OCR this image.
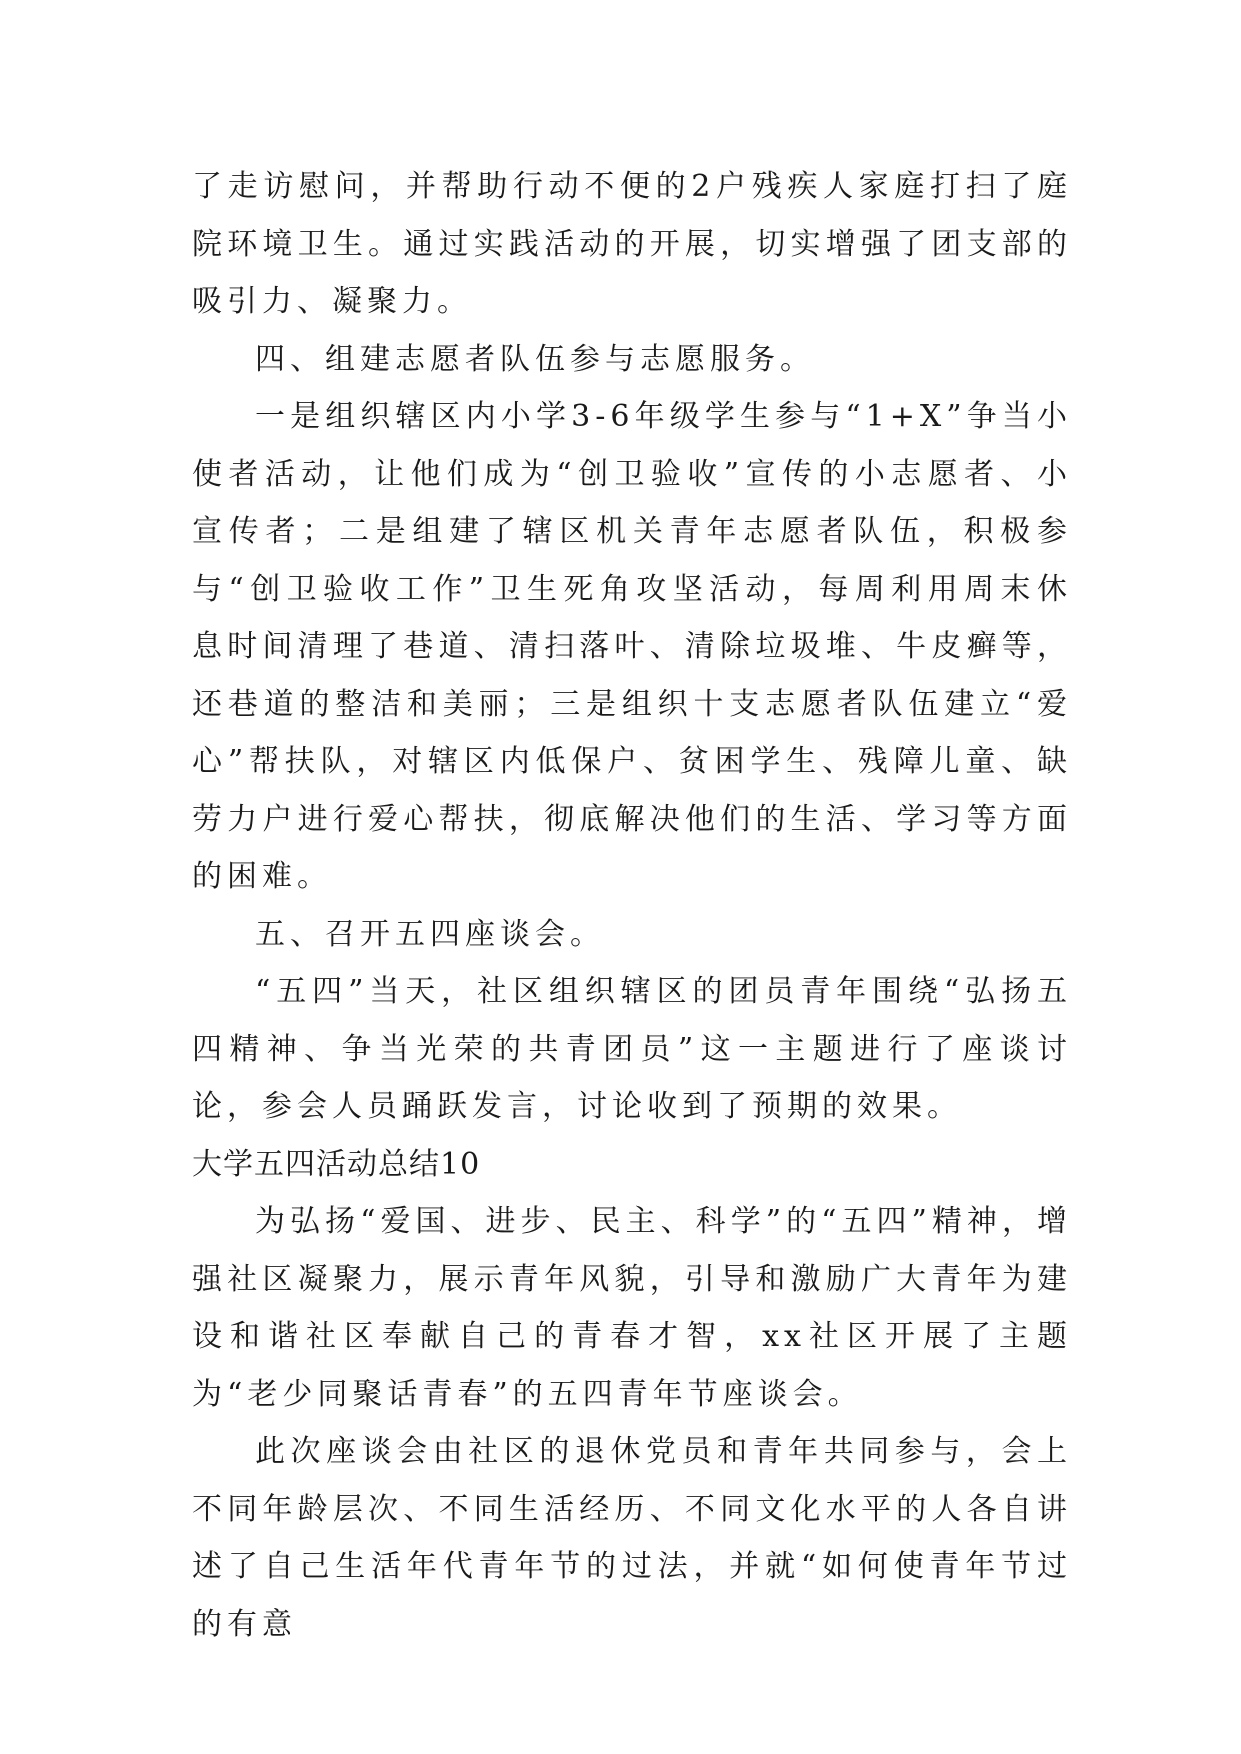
了走访慰问，并帮助行动不便的2户残疾人家庭打扫了庭院环境卫生。通过实践活动的开展，切实增强了团支部的吸引力、凝聚力。

四、组建志愿者队伍参与志愿服务。

一是组织辖区内小学3-6年级学生参与“1+X”争当小使者活动，让他们成为“创卫验收”宣传的小志愿者、小宣传者；二是组建了辖区机关青年志愿者队伍，积极参与“创卫验收工作”卫生死角攻坚活动，每周利用周末休息时间清理了巷道、清扫落叶、清除垃圾堆、牛皮癣等，还巷道的整洁和美丽；三是组织十支志愿者队伍建立“爱心”帮扶队，对辖区内低保户、贫困学生、残障儿童、缺劳力户进行爱心帮扶，彻底解决他们的生活、学习等方面的困难。

五、召开五四座谈会。

“五四”当天，社区组织辖区的团员青年围绕“弘扬五四精神、争当光荣的共青团员”这一主题进行了座谈讨论，参会人员踊跃发言，讨论收到了预期的效果。

大学五四活动总结10

为弘扬“爱国、进步、民主、科学”的“五四”精神，增强社区凝聚力，展示青年风貌，引导和激励广大青年为建设和谐社区奉献自己的青春才智，xx社区开展了主题为“老少同聚话青春”的五四青年节座谈会。

此次座谈会由社区的退休党员和青年共同参与，会上不同年龄层次、不同生活经历、不同文化水平的人各自讲述了自己生活年代青年节的过法，并就“如何使青年节过的有意
